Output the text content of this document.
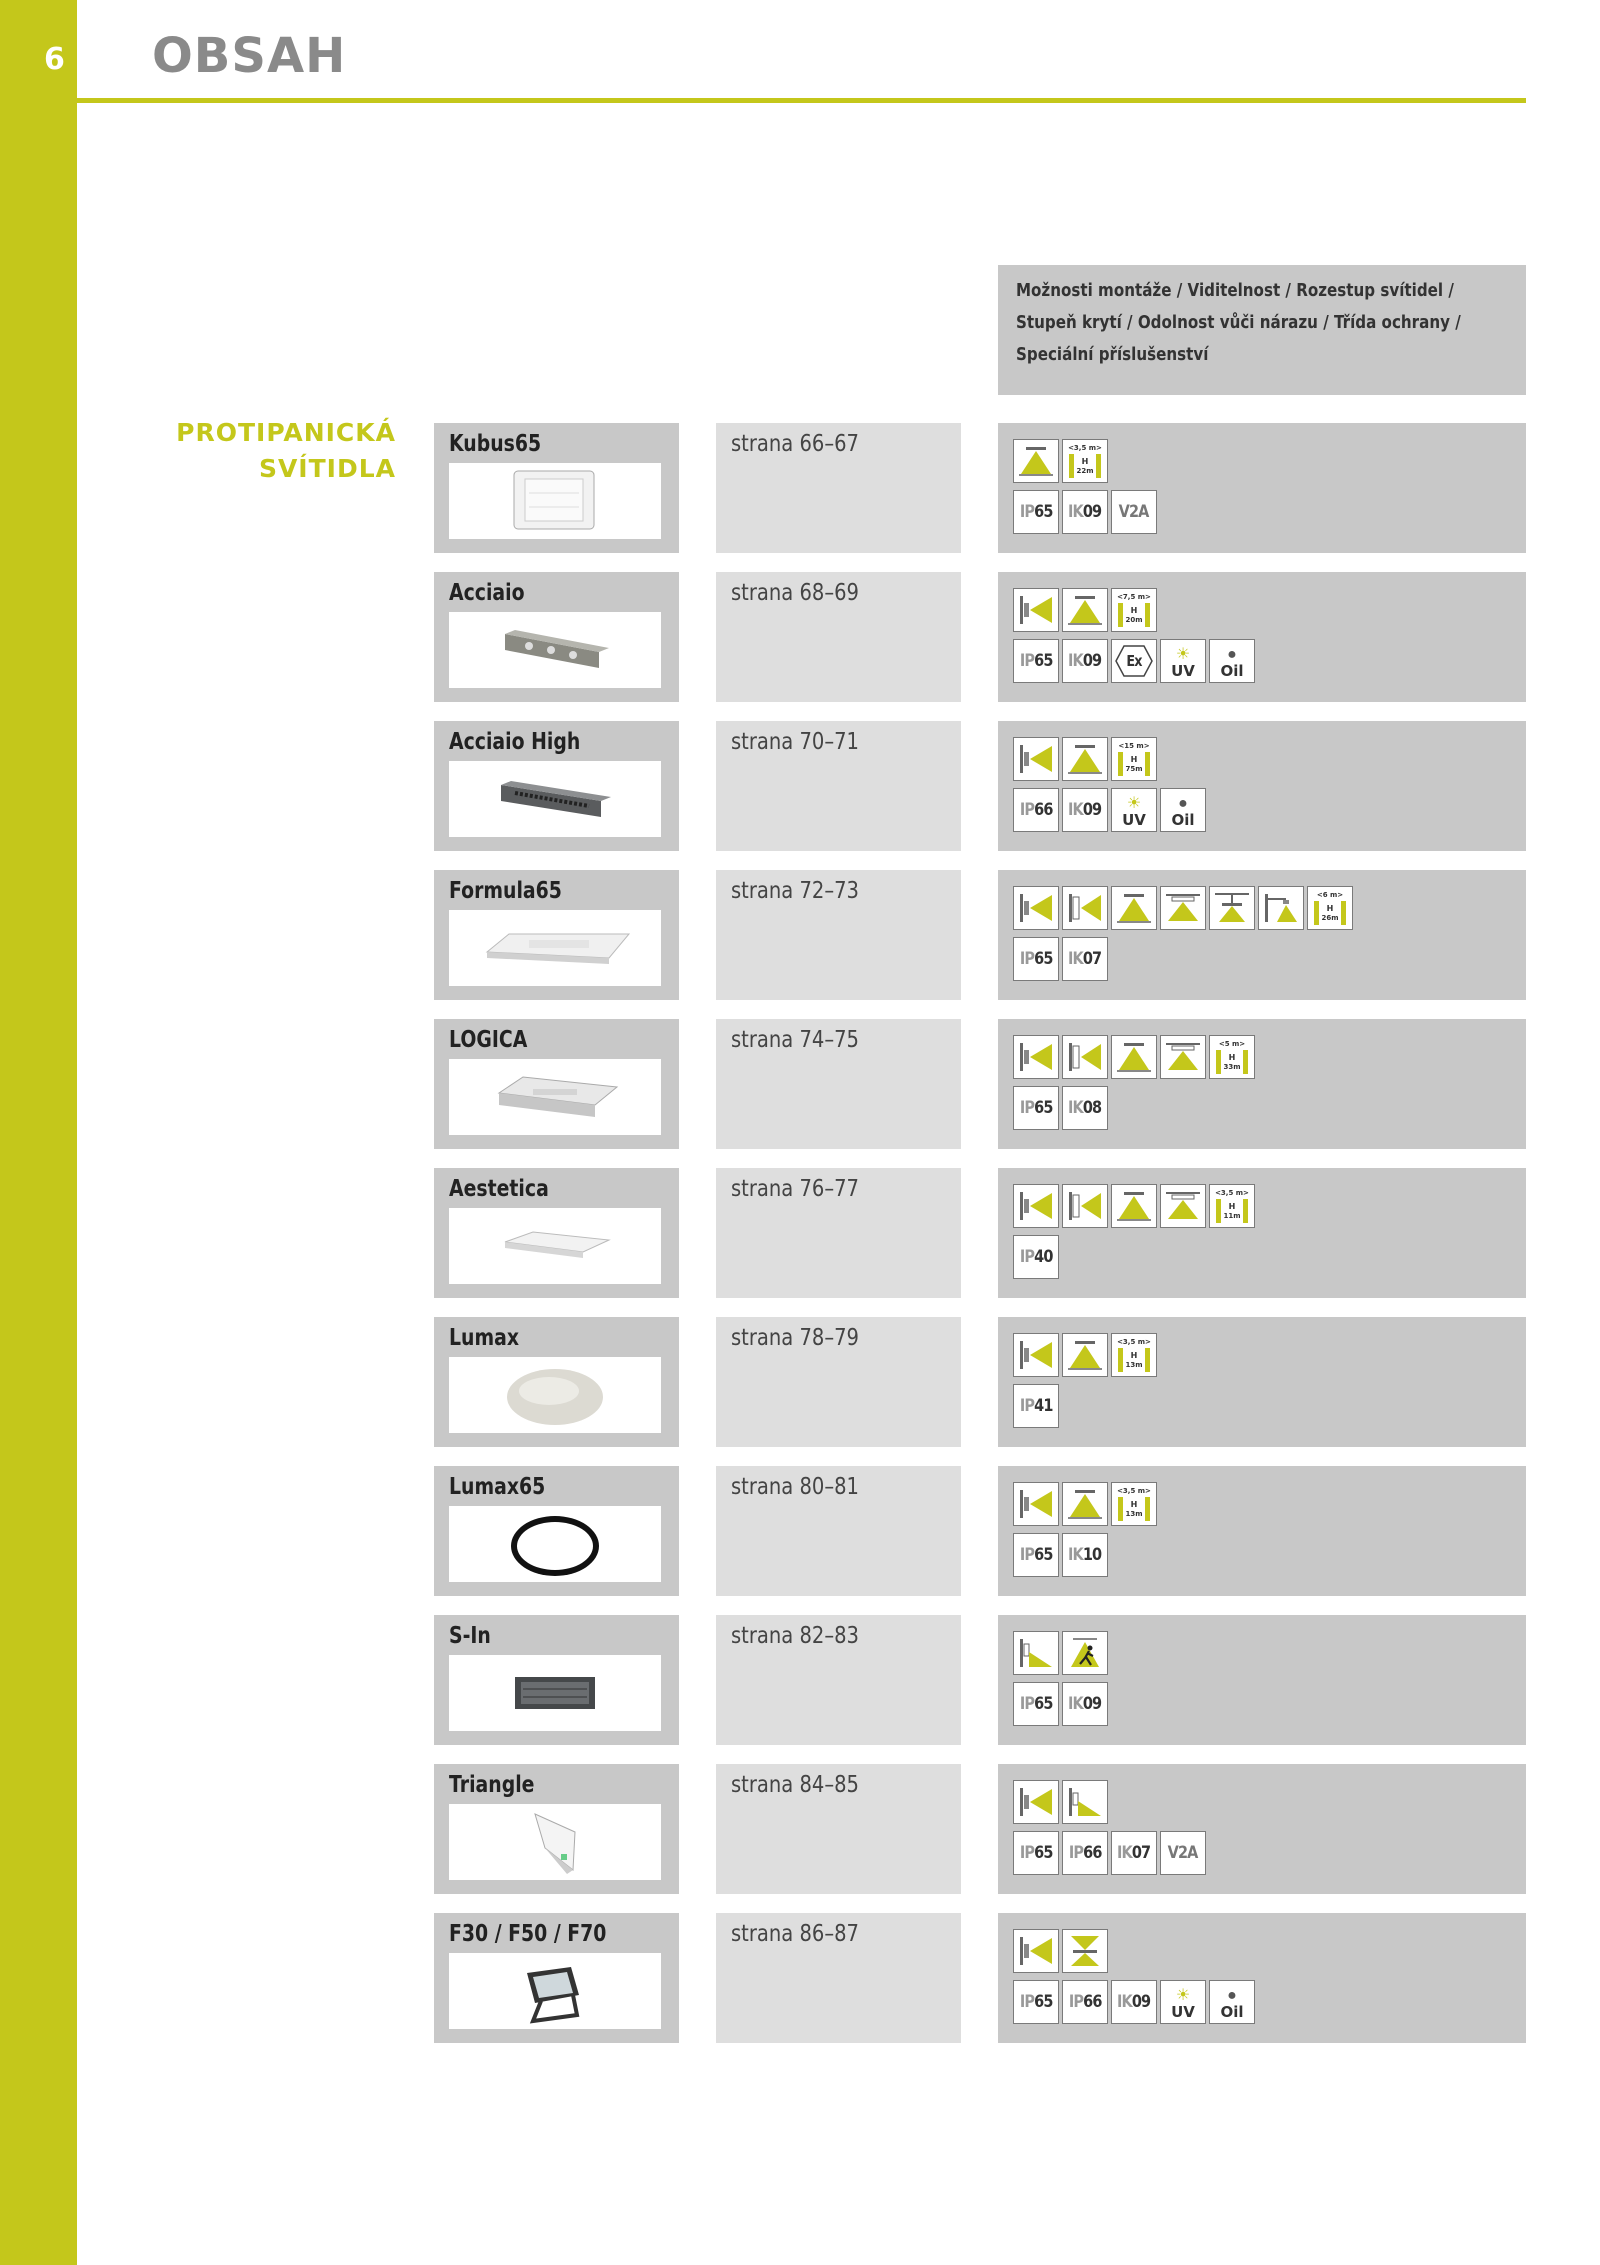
6 OBSAH
Možnosti montáže / Viditelnost / Rozestup svítidel /
Stupeň krytí / Odolnost vůči nárazu / Třída ochrany /
Speciální příslušenství
PROTIPANICKÁ
SVÍTIDLA
Kubus65	strana 66–67	<3,5 m>
H
22m
IP65 IK09 V2A
Acciaio	strana 68–69	<7,5 m>
H
20m
IP65 IK09 Ex ☀
UV
●
Oil
Acciaio High	strana 70–71	<15 m>
H
75m
IP66 IK09 ☀
UV
●
Oil
Formula65	strana 72–73	<6 m>
H
26m
IP65 IK07
LOGICA	strana 74–75	<5 m>
H
33m
IP65 IK08
Aestetica	strana 76–77	<3,5 m>
H
11m
IP40
Lumax	strana 78–79	<3,5 m>
H
13m
IP41
Lumax65	strana 80–81	<3,5 m>
H
13m
IP65 IK10
S-In	strana 82–83
IP65 IK09
Triangle	strana 84–85
IP65 IP66 IK07 V2A
F30 / F50 / F70	strana 86–87
IP65 IP66 IK09 ☀
UV
●
Oil
